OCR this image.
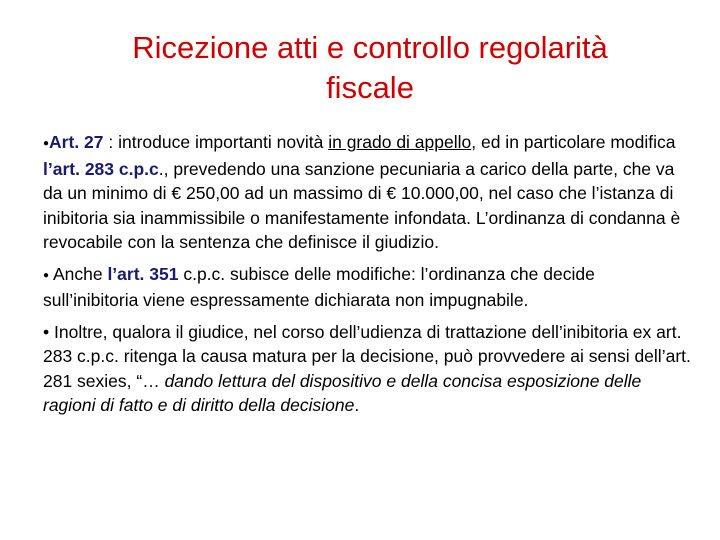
Ricezione atti e controllo regolarità
fiscale

●Art. 27 : introduce importanti novità in grado di appello, ed in particolare modifica l’art. 283 c.p.c., prevedendo una sanzione pecuniaria a carico della parte, che va da un minimo di € 250,00 ad un massimo di € 10.000,00, nel caso che l’istanza di inibitoria sia inammissibile o manifestamente infondata. L’ordinanza di condanna è revocabile con la sentenza che definisce il giudizio.

● Anche l’art. 351 c.p.c. subisce delle modifiche: l’ordinanza che decide sull’inibitoria viene espressamente dichiarata non impugnabile.

• Inoltre, qualora il giudice, nel corso dell’udienza di trattazione dell’inibitoria ex art. 283 c.p.c. ritenga la causa matura per la decisione, può provvedere ai sensi dell’art. 281 sexies, “… dando lettura del dispositivo e della concisa esposizione delle ragioni di fatto e di diritto della decisione.
